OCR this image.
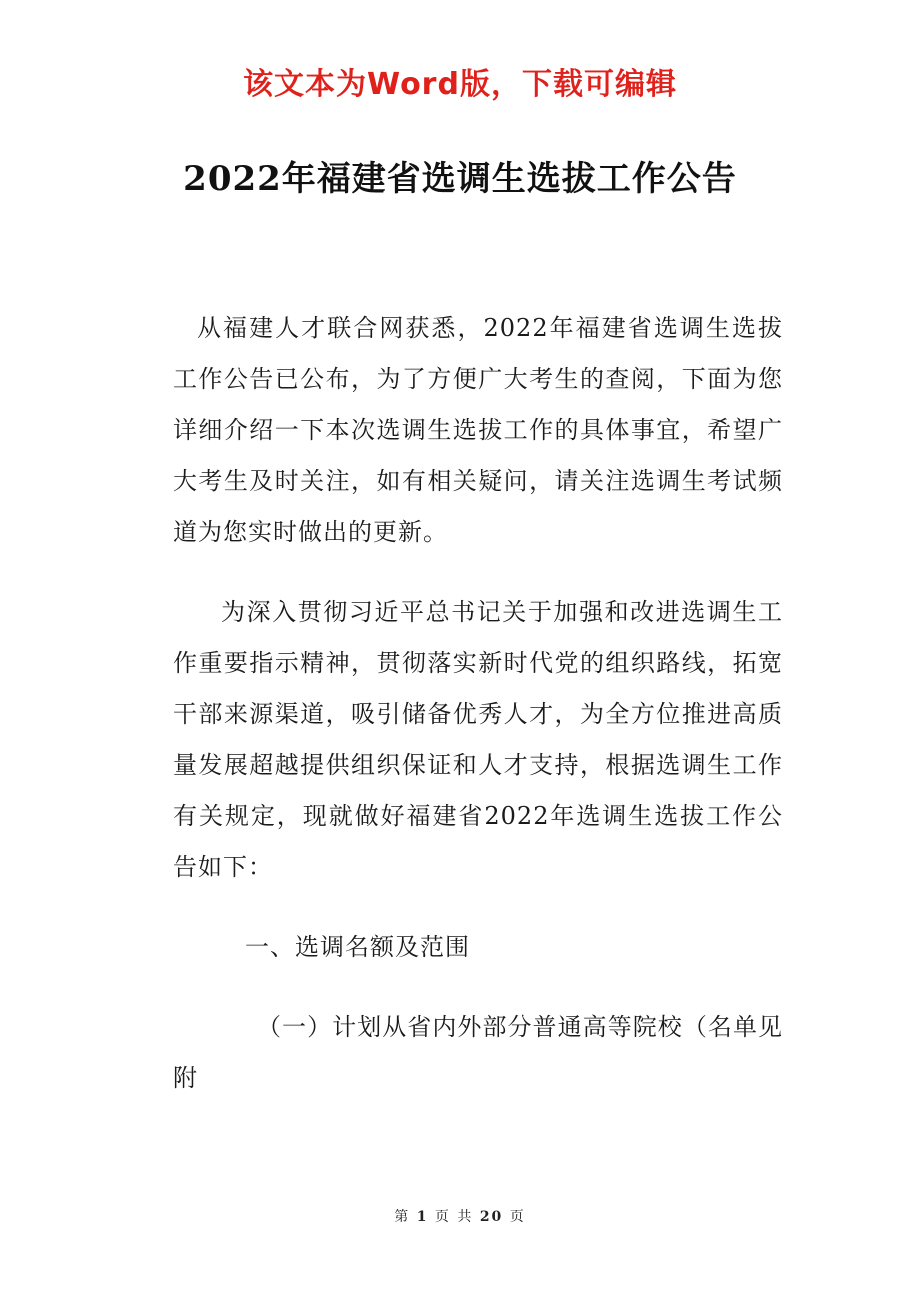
该文本为Word版，下载可编辑
2022年福建省选调生选拔工作公告

从福建人才联合网获悉，2022年福建省选调生选拔工作公告已公布，为了方便广大考生的查阅，下面为您详细介绍一下本次选调生选拔工作的具体事宜，希望广大考生及时关注，如有相关疑问，请关注选调生考试频道为您实时做出的更新。

为深入贯彻习近平总书记关于加强和改进选调生工作重要指示精神，贯彻落实新时代党的组织路线，拓宽干部来源渠道，吸引储备优秀人才，为全方位推进高质量发展超越提供组织保证和人才支持，根据选调生工作有关规定，现就做好福建省2022年选调生选拔工作公告如下：

一、选调名额及范围

（一）计划从省内外部分普通高等院校（名单见附

第 1 页 共 20 页
